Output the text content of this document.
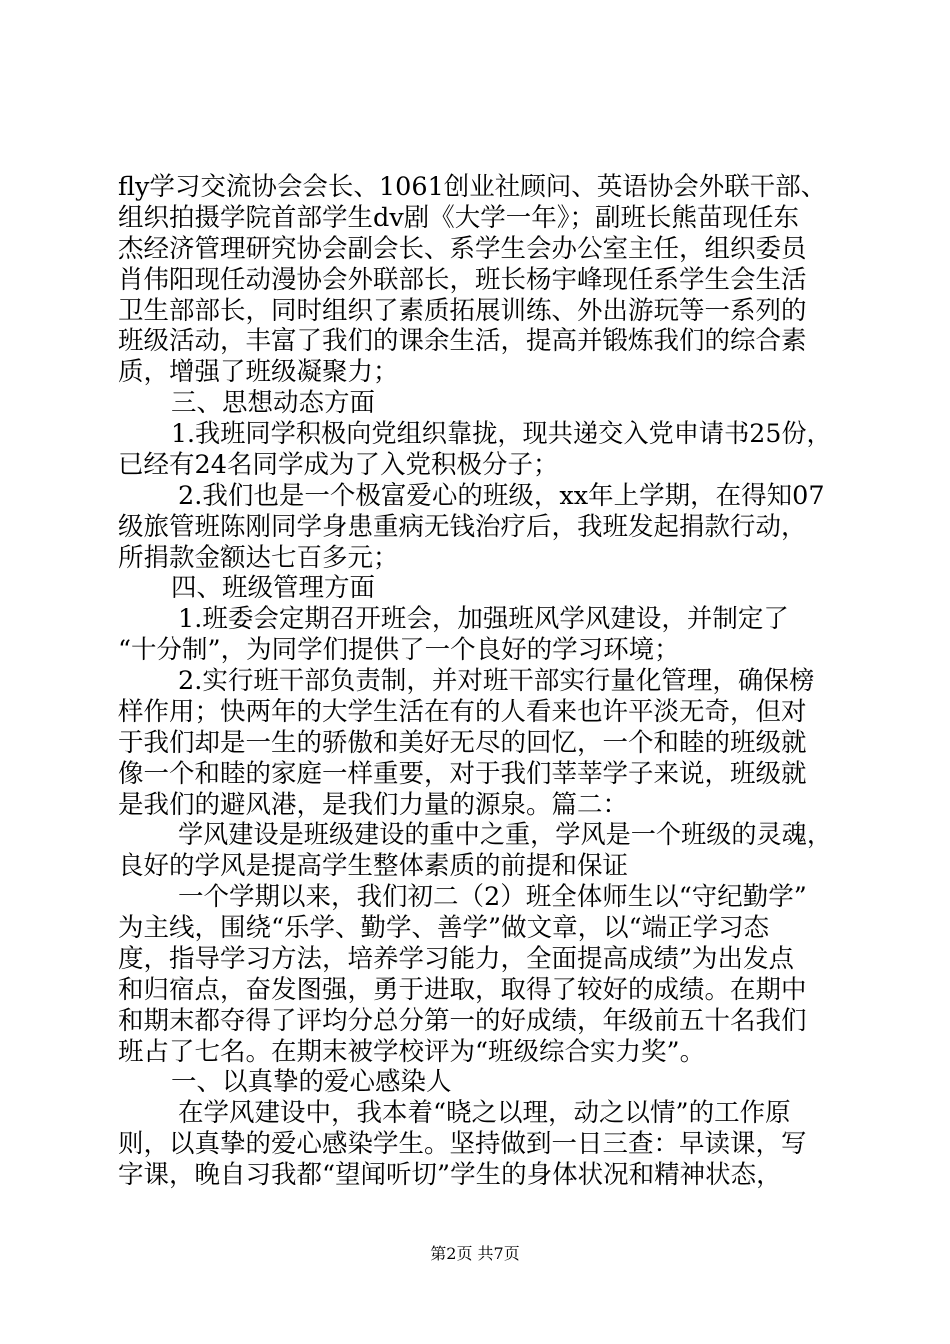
fly学习交流协会会长、1061创业社顾问、英语协会外联干部、
组织拍摄学院首部学生dv剧《大学一年》；副班长熊苗现任东
杰经济管理研究协会副会长、系学生会办公室主任，组织委员
肖伟阳现任动漫协会外联部长，班长杨宇峰现任系学生会生活
卫生部部长，同时组织了素质拓展训练、外出游玩等一系列的
班级活动，丰富了我们的课余生活，提高并锻炼我们的综合素
质，增强了班级凝聚力；
三、思想动态方面
1.我班同学积极向党组织靠拢，现共递交入党申请书25份，
已经有24名同学成为了入党积极分子；
2.我们也是一个极富爱心的班级，xx年上学期，在得知07
级旅管班陈刚同学身患重病无钱治疗后，我班发起捐款行动，
所捐款金额达七百多元；
四、班级管理方面
1.班委会定期召开班会，加强班风学风建设，并制定了
“十分制”，为同学们提供了一个良好的学习环境；
2.实行班干部负责制，并对班干部实行量化管理，确保榜
样作用；快两年的大学生活在有的人看来也许平淡无奇，但对
于我们却是一生的骄傲和美好无尽的回忆，一个和睦的班级就
像一个和睦的家庭一样重要，对于我们莘莘学子来说，班级就
是我们的避风港，是我们力量的源泉。篇二：
学风建设是班级建设的重中之重，学风是一个班级的灵魂，
良好的学风是提高学生整体素质的前提和保证
一个学期以来，我们初二（2）班全体师生以“守纪勤学”
为主线，围绕“乐学、勤学、善学”做文章，以“端正学习态
度，指导学习方法，培养学习能力，全面提高成绩”为出发点
和归宿点，奋发图强，勇于进取，取得了较好的成绩。在期中
和期末都夺得了评均分总分第一的好成绩，年级前五十名我们
班占了七名。在期末被学校评为“班级综合实力奖”。
一、以真挚的爱心感染人
在学风建设中，我本着“晓之以理，动之以情”的工作原
则，以真挚的爱心感染学生。坚持做到一日三查：早读课，写
字课，晚自习我都“望闻听切”学生的身体状况和精神状态，
第2页 共7页
